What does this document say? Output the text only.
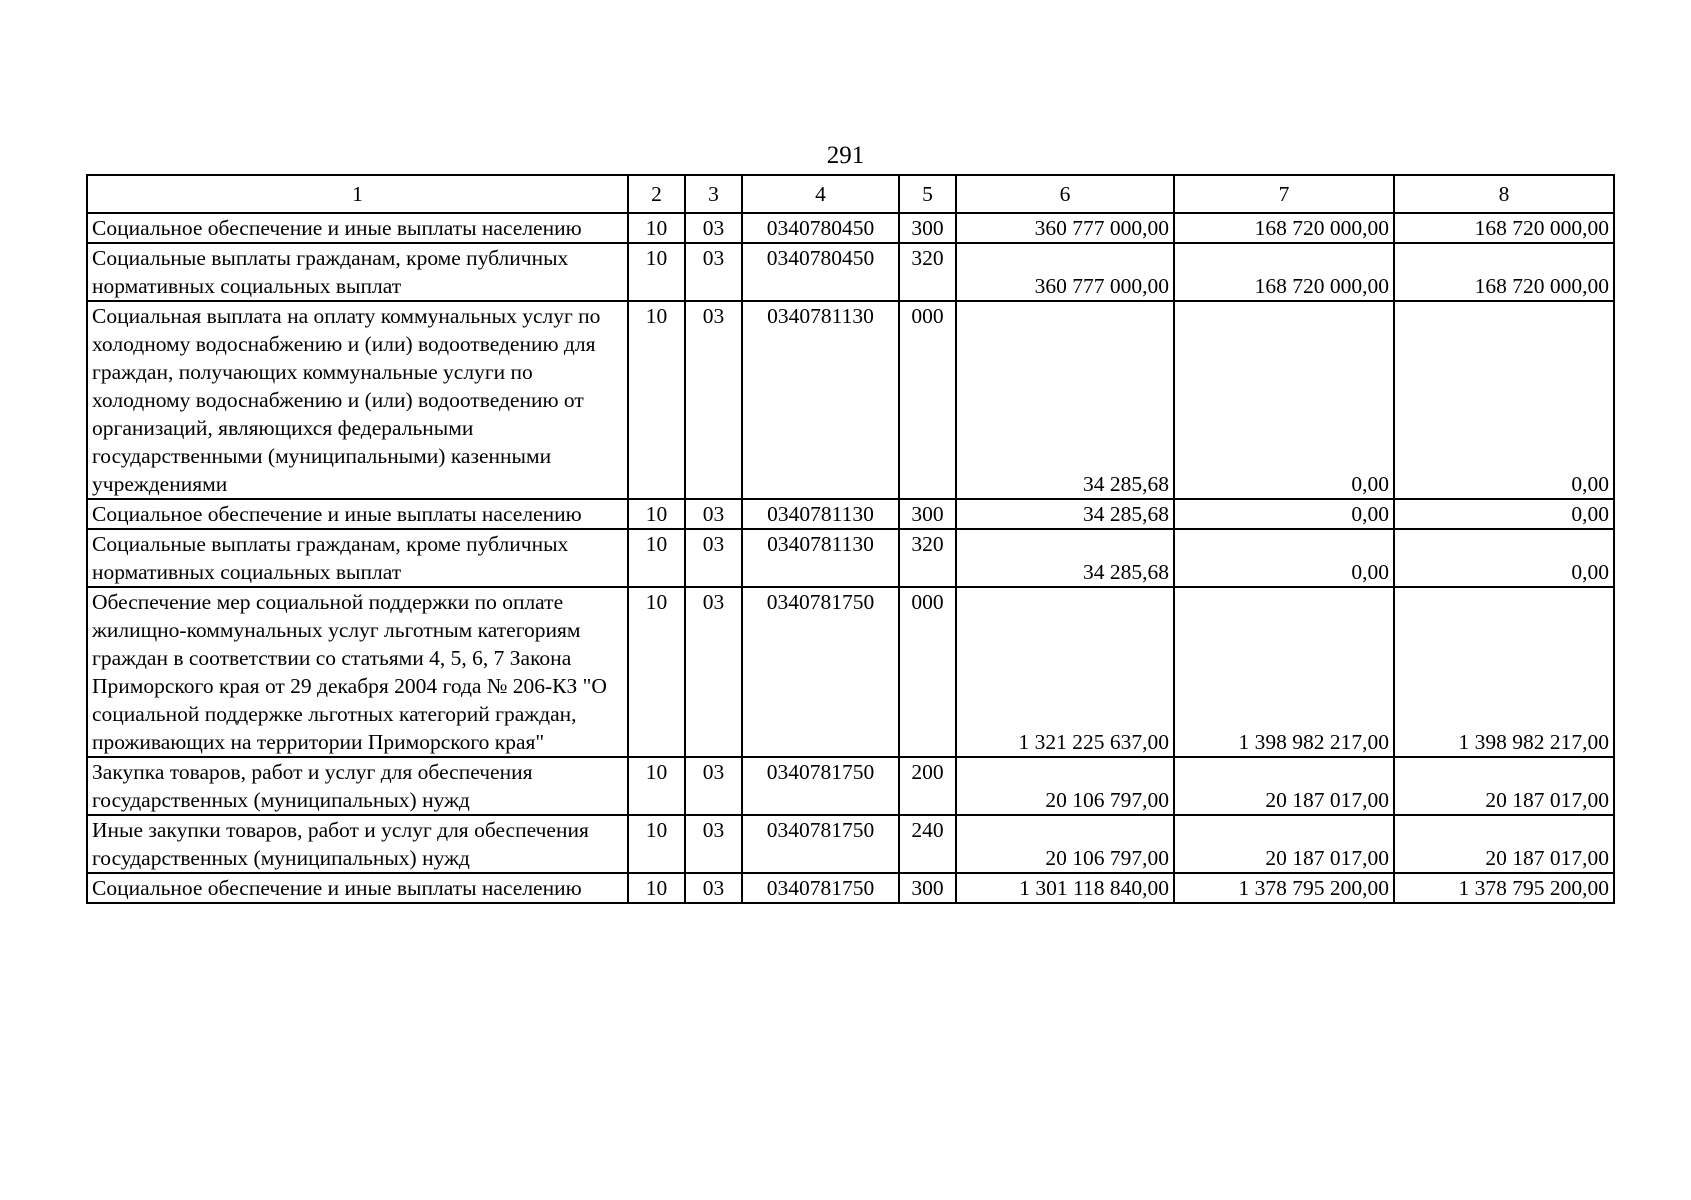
291
1	2	3	4	5	6	7	8
Социальное обеспечение и иные выплаты населению	10	03	0340780450	300	360 777 000,00	168 720 000,00	168 720 000,00
Социальные выплаты гражданам, кроме публичных нормативных социальных выплат	10	03	0340780450	320	360 777 000,00	168 720 000,00	168 720 000,00
Социальная выплата на оплату коммунальных услуг по холодному водоснабжению и (или) водоотведению для граждан, получающих коммунальные услуги по холодному водоснабжению и (или) водоотведению от организаций, являющихся федеральными государственными (муниципальными) казенными учреждениями	10	03	0340781130	000	34 285,68	0,00	0,00
Социальное обеспечение и иные выплаты населению	10	03	0340781130	300	34 285,68	0,00	0,00
Социальные выплаты гражданам, кроме публичных нормативных социальных выплат	10	03	0340781130	320	34 285,68	0,00	0,00
Обеспечение мер социальной поддержки по оплате жилищно-коммунальных услуг льготным категориям граждан в соответствии со статьями 4, 5, 6, 7 Закона Приморского края от 29 декабря 2004 года № 206-КЗ "О социальной поддержке льготных категорий граждан, проживающих на территории Приморского края"	10	03	0340781750	000	1 321 225 637,00	1 398 982 217,00	1 398 982 217,00
Закупка товаров, работ и услуг для обеспечения государственных (муниципальных) нужд	10	03	0340781750	200	20 106 797,00	20 187 017,00	20 187 017,00
Иные закупки товаров, работ и услуг для обеспечения государственных (муниципальных) нужд	10	03	0340781750	240	20 106 797,00	20 187 017,00	20 187 017,00
Социальное обеспечение и иные выплаты населению	10	03	0340781750	300	1 301 118 840,00	1 378 795 200,00	1 378 795 200,00
